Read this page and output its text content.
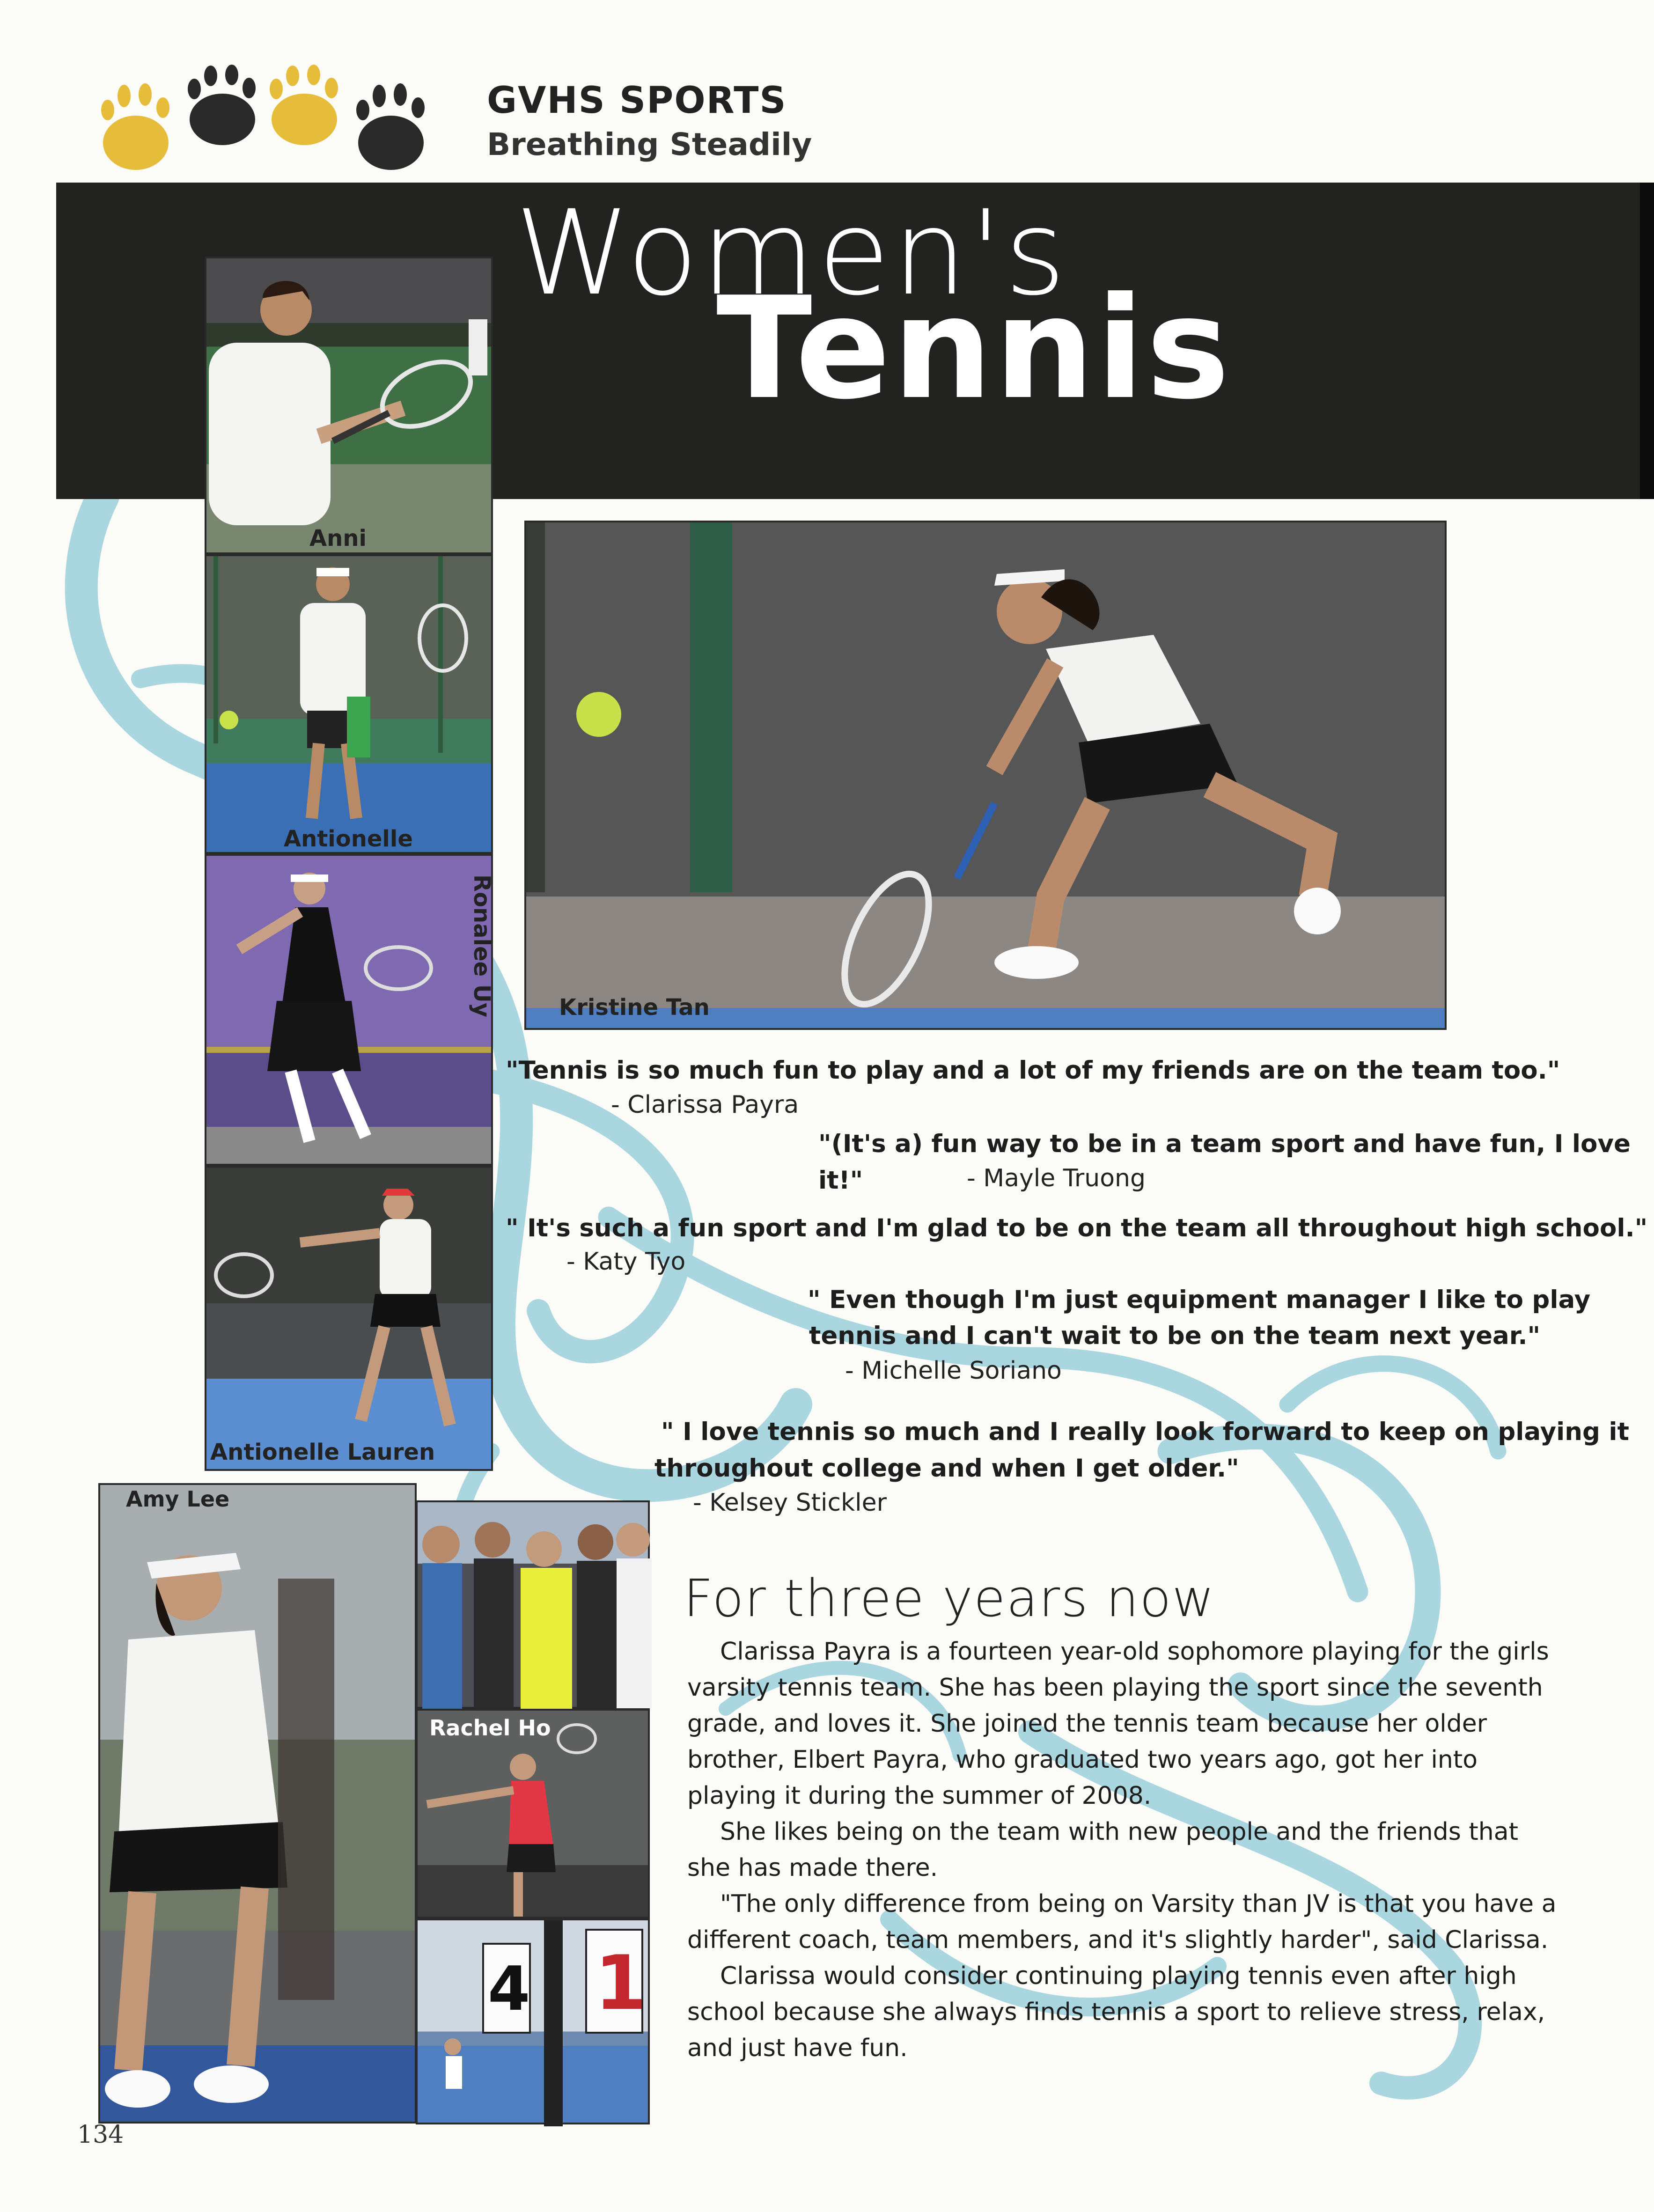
GVHS SPORTS
Breathing Steadily
Women's
Tennis
Anni
Antionelle
Ronalee Uy
Antionelle Lauren
Kristine Tan
"Tennis is so much fun to play and a lot of my friends are on the team too."
- Clarissa Payra
"(It's a) fun way to be in a team sport and have fun, I love it!"	- Mayle Truong
" It's such a fun sport and I'm glad to be on the team all throughout high school."
- Katy Tyo
" Even though I'm just equipment manager I like to play
tennis and I can't wait to be on the team next year."
- Michelle Soriano
" I love tennis so much and I really look forward to keep on playing it
throughout college and when I get older."
- Kelsey Stickler
Amy Lee
Rachel Ho
4 1
For three years now

Clarissa Payra is a fourteen year-old sophomore playing for the girls varsity tennis team. She has been playing the sport since the seventh grade, and loves it. She joined the tennis team because her older brother, Elbert Payra, who graduated two years ago, got her into playing it during the summer of 2008.

She likes being on the team with new people and the friends that she has made there.

"The only difference from being on Varsity than JV is that you have a different coach, team members, and it's slightly harder", said Clarissa.

Clarissa would consider continuing playing tennis even after high school because she always finds tennis a sport to relieve stress, relax, and just have fun.

134
